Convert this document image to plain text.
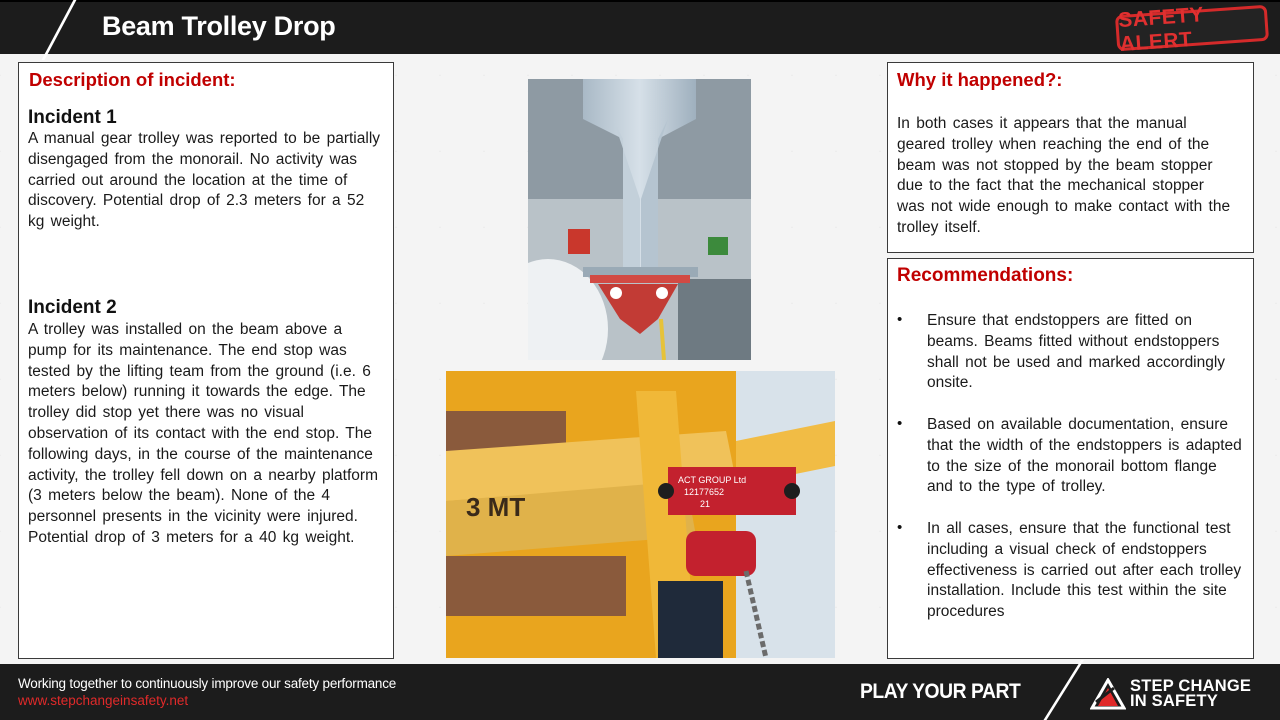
Beam Trolley Drop	SAFETY ALERT
Description of incident:
Incident 1
A manual gear trolley was reported to be partially disengaged from the monorail. No activity was carried out around the location at the time of discovery. Potential drop of 2.3 meters for a 52 kg weight.
Incident 2
A trolley was installed on the beam above a pump for its maintenance. The end stop was tested by the lifting team from the ground (i.e. 6 meters below) running it towards the edge. The trolley did stop yet there was no visual observation of its contact with the end stop. The following days, in the course of the maintenance activity, the trolley fell down on a nearby platform (3 meters below the beam). None of the 4 personnel presents in the vicinity were injured. Potential drop of 3 meters for a 40 kg weight.
3 MT
ACT GROUP Ltd
12177652
21
Why it happened?:
In both cases it appears that the manual geared trolley when reaching the end of the beam was not stopped by the beam stopper due to the fact that the mechanical stopper was not wide enough to make contact with the trolley itself.
Recommendations:
• Ensure that endstoppers are fitted on beams. Beams fitted without endstoppers shall not be used and marked accordingly onsite.
• Based on available documentation, ensure that the width of the endstoppers is adapted to the size of the monorail bottom flange and to the type of trolley.
• In all cases, ensure that the functional test including a visual check of endstoppers effectiveness is carried out after each trolley installation. Include this test within the site procedures
Working together to continuously improve our safety performance
www.stepchangeinsafety.net	PLAY YOUR PART	STEP CHANGE
IN SAFETY
